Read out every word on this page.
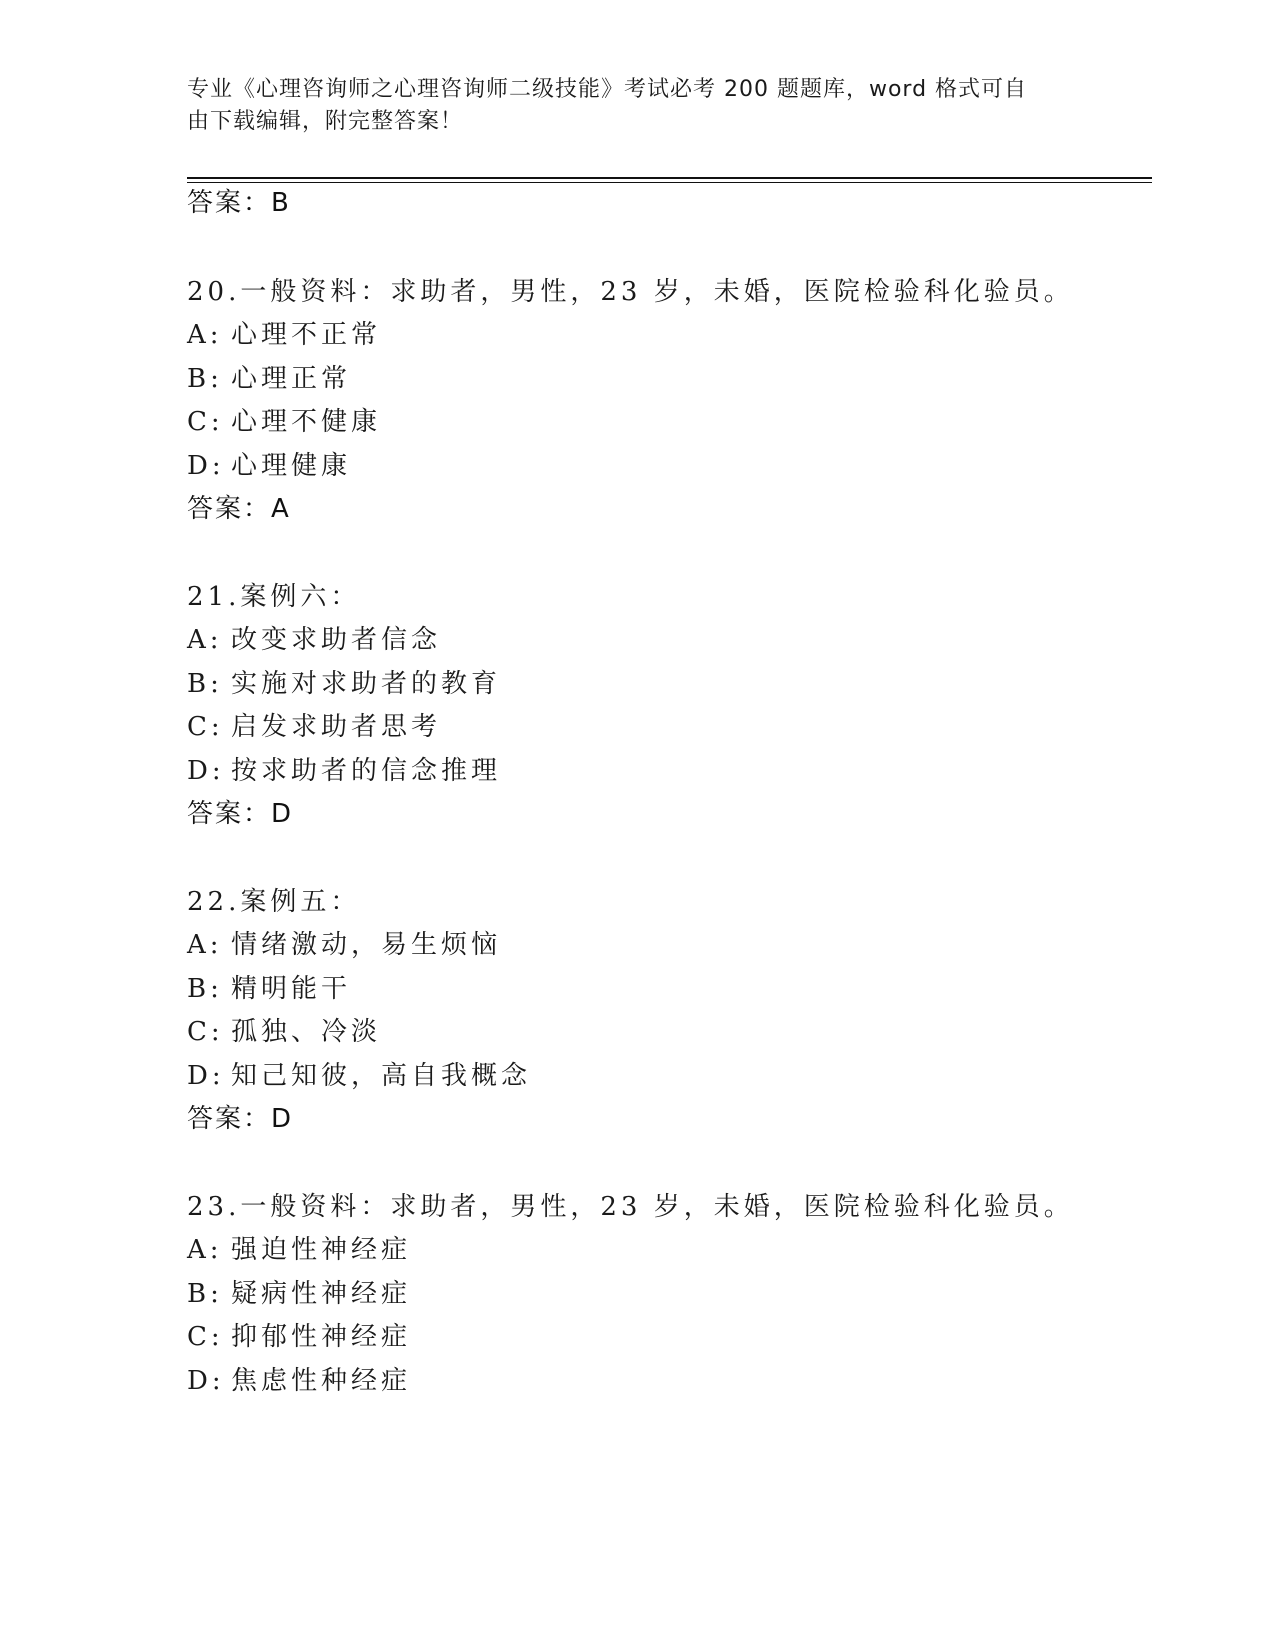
专业《心理咨询师之心理咨询师二级技能》考试必考 200 题题库，word 格式可自
由下载编辑，附完整答案！
答案：B
20.一般资料：求助者，男性，23 岁，未婚，医院检验科化验员。
A: 心理不正常
B: 心理正常
C: 心理不健康
D: 心理健康
答案：A
21.案例六：
A: 改变求助者信念
B: 实施对求助者的教育
C: 启发求助者思考
D: 按求助者的信念推理
答案：D
22.案例五：
A: 情绪激动，易生烦恼
B: 精明能干
C: 孤独、冷淡
D: 知己知彼，高自我概念
答案：D
23.一般资料：求助者，男性，23 岁，未婚，医院检验科化验员。
A: 强迫性神经症
B: 疑病性神经症
C: 抑郁性神经症
D: 焦虑性种经症
